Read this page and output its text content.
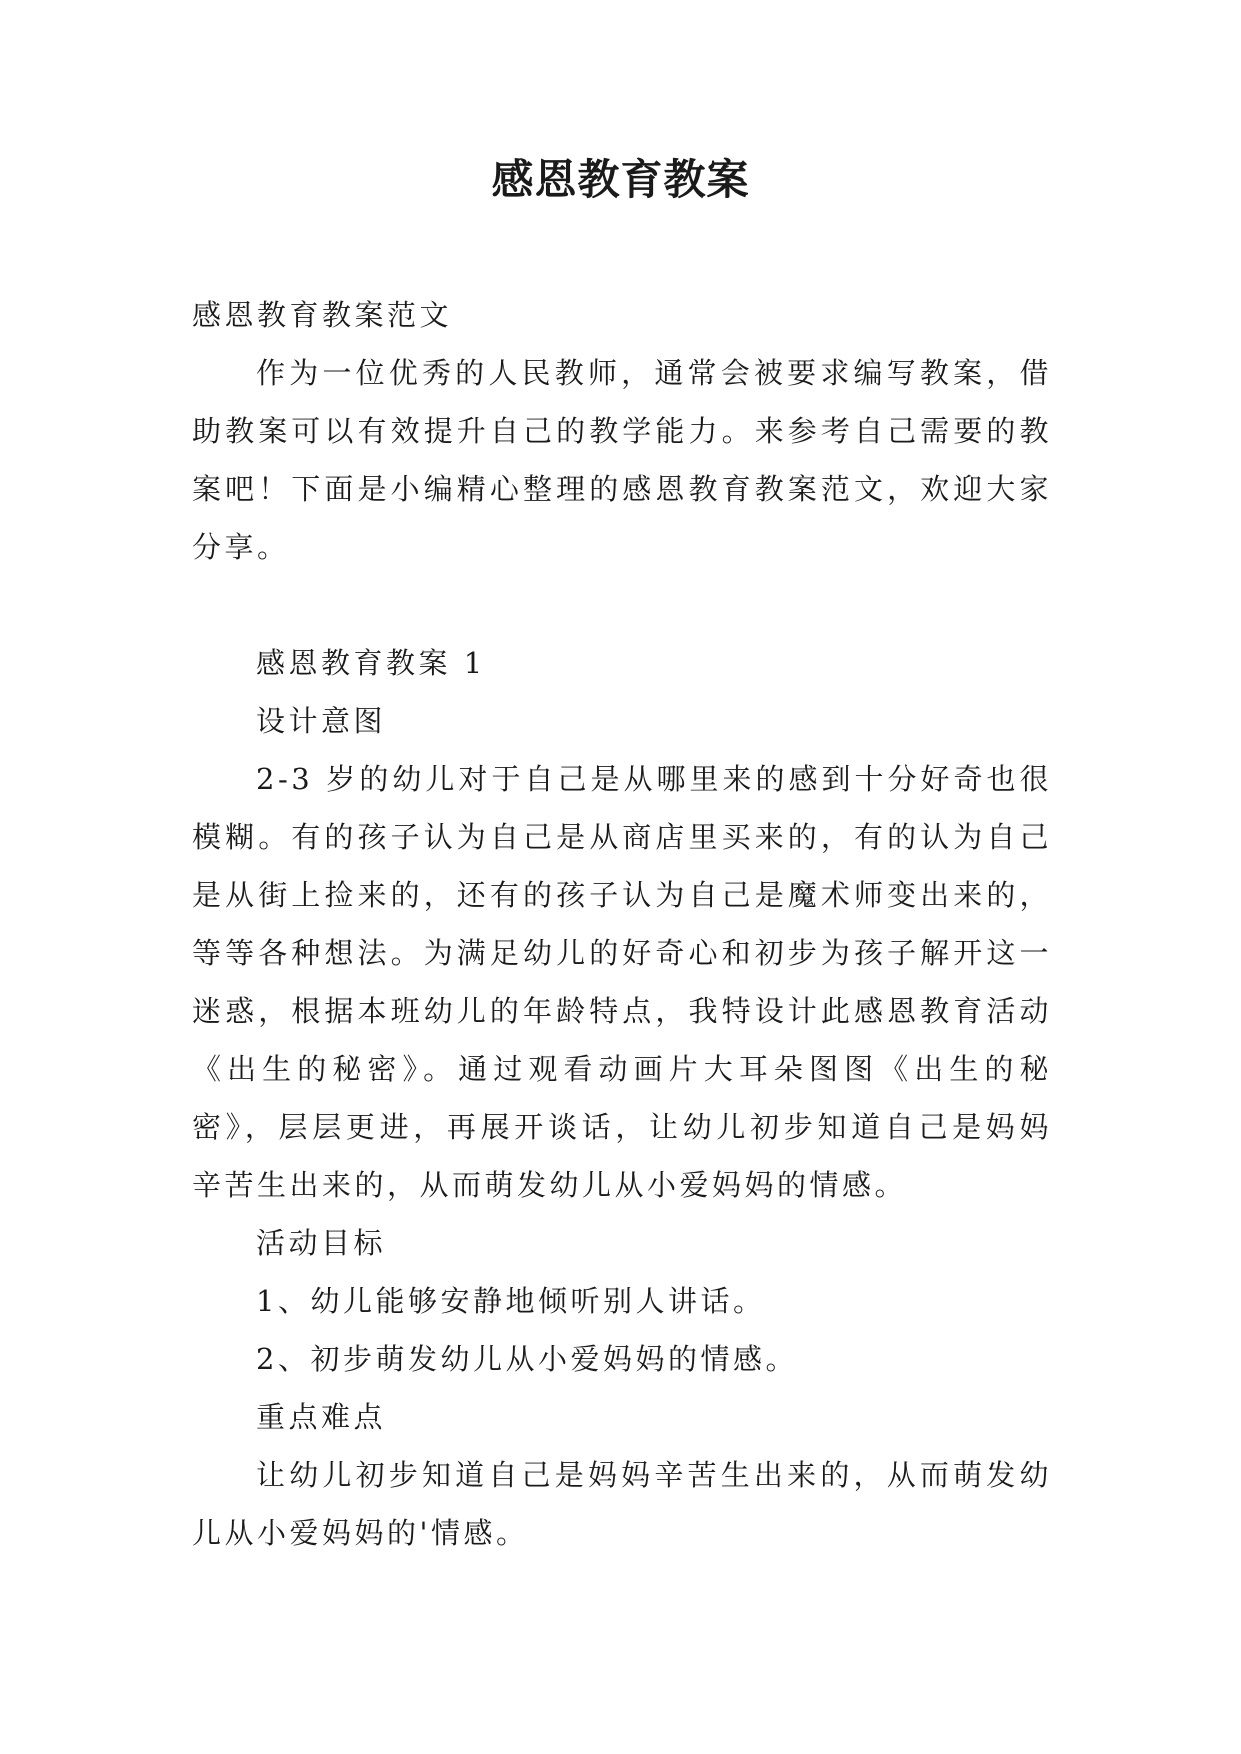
感恩教育教案

感恩教育教案范文

作为一位优秀的人民教师，通常会被要求编写教案，借助教案可以有效提升自己的教学能力。来参考自己需要的教案吧！下面是小编精心整理的感恩教育教案范文，欢迎大家分享。

感恩教育教案 1

设计意图

2-3 岁的幼儿对于自己是从哪里来的感到十分好奇也很模糊。有的孩子认为自己是从商店里买来的，有的认为自己是从街上捡来的，还有的孩子认为自己是魔术师变出来的，等等各种想法。为满足幼儿的好奇心和初步为孩子解开这一迷惑，根据本班幼儿的年龄特点，我特设计此感恩教育活动《出生的秘密》。通过观看动画片大耳朵图图《出生的秘密》，层层更进，再展开谈话，让幼儿初步知道自己是妈妈辛苦生出来的，从而萌发幼儿从小爱妈妈的情感。

活动目标

1、幼儿能够安静地倾听别人讲话。

2、初步萌发幼儿从小爱妈妈的情感。

重点难点

让幼儿初步知道自己是妈妈辛苦生出来的，从而萌发幼儿从小爱妈妈的'情感。
